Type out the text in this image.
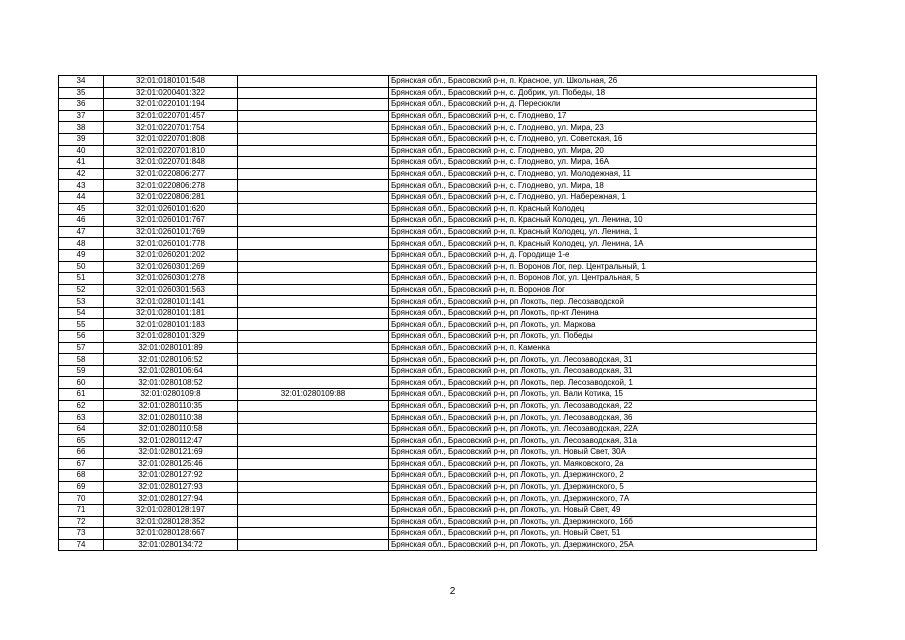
34	32:01:0180101:548		Брянская обл., Брасовский р-н, п. Красное, ул. Школьная, 26
35	32:01:0200401:322		Брянская обл., Брасовский р-н, с. Добрик, ул. Победы, 18
36	32:01:0220101:194		Брянская обл., Брасовский р-н, д. Пересюкли
37	32:01:0220701:457		Брянская обл., Брасовский р-н, с. Глоднево, 17
38	32:01:0220701:754		Брянская обл., Брасовский р-н, с. Глоднево, ул. Мира, 23
39	32:01:0220701:808		Брянская обл., Брасовский р-н, с. Глоднево, ул. Советская, 16
40	32:01:0220701:810		Брянская обл., Брасовский р-н, с. Глоднево, ул. Мира, 20
41	32:01:0220701:848		Брянская обл., Брасовский р-н, с. Глоднево, ул. Мира, 16А
42	32:01:0220806:277		Брянская обл., Брасовский р-н, с. Глоднево, ул. Молодежная, 11
43	32:01:0220806:278		Брянская обл., Брасовский р-н, с. Глоднево, ул. Мира, 18
44	32:01:0220806:281		Брянская обл., Брасовский р-н, с. Глоднево, ул. Набережная, 1
45	32:01:0260101:620		Брянская обл., Брасовский р-н, п. Красный Колодец
46	32:01:0260101:767		Брянская обл., Брасовский р-н, п. Красный Колодец, ул. Ленина, 10
47	32:01:0260101:769		Брянская обл., Брасовский р-н, п. Красный Колодец, ул. Ленина, 1
48	32:01:0260101:778		Брянская обл., Брасовский р-н, п. Красный Колодец, ул. Ленина, 1А
49	32:01:0260201:202		Брянская обл., Брасовский р-н, д. Городище 1-е
50	32:01:0260301:269		Брянская обл., Брасовский р-н, п. Воронов Лог, пер. Центральный, 1
51	32:01:0260301:278		Брянская обл., Брасовский р-н, п. Воронов Лог, ул. Центральная, 5
52	32:01:0260301:563		Брянская обл., Брасовский р-н, п. Воронов Лог
53	32:01:0280101:141		Брянская обл., Брасовский р-н, рп Локоть, пер. Лесозаводской
54	32:01:0280101:181		Брянская обл., Брасовский р-н, рп Локоть, пр-кт Ленина
55	32:01:0280101:183		Брянская обл., Брасовский р-н, рп Локоть, ул. Маркова
56	32:01:0280101:329		Брянская обл., Брасовский р-н, рп Локоть, ул. Победы
57	32:01:0280101:89		Брянская обл., Брасовский р-н, п. Каменка
58	32:01:0280106:52		Брянская обл., Брасовский р-н, рп Локоть, ул. Лесозаводская, 31
59	32:01:0280106:64		Брянская обл., Брасовский р-н, рп Локоть, ул. Лесозаводская, 31
60	32:01:0280108:52		Брянская обл., Брасовский р-н, рп Локоть, пер. Лесозаводской, 1
61	32:01:0280109:8	32:01:0280109:88	Брянская обл., Брасовский р-н, рп Локоть, ул. Вали Котика, 15
62	32:01:0280110:35		Брянская обл., Брасовский р-н, рп Локоть, ул. Лесозаводская, 22
63	32:01:0280110:38		Брянская обл., Брасовский р-н, рп Локоть, ул. Лесозаводская, 36
64	32:01:0280110:58		Брянская обл., Брасовский р-н, рп Локоть, ул. Лесозаводская, 22А
65	32:01:0280112:47		Брянская обл., Брасовский р-н, рп Локоть, ул. Лесозаводская, 31а
66	32:01:0280121:69		Брянская обл., Брасовский р-н, рп Локоть, ул. Новый Свет, 30А
67	32:01:0280125:46		Брянская обл., Брасовский р-н, рп Локоть, ул. Маяковского, 2а
68	32:01:0280127:92		Брянская обл., Брасовский р-н, рп Локоть, ул. Дзержинского, 2
69	32:01:0280127:93		Брянская обл., Брасовский р-н, рп Локоть, ул. Дзержинского, 5
70	32:01:0280127:94		Брянская обл., Брасовский р-н, рп Локоть, ул. Дзержинского, 7А
71	32:01:0280128:197		Брянская обл., Брасовский р-н, рп Локоть, ул. Новый Свет, 49
72	32:01:0280128:352		Брянская обл., Брасовский р-н, рп Локоть, ул. Дзержинского, 16б
73	32:01:0280128:667		Брянская обл., Брасовский р-н, рп Локоть, ул. Новый Свет, 51
74	32:01:0280134:72		Брянская обл., Брасовский р-н, рп Локоть, ул. Дзержинского, 25А
2
